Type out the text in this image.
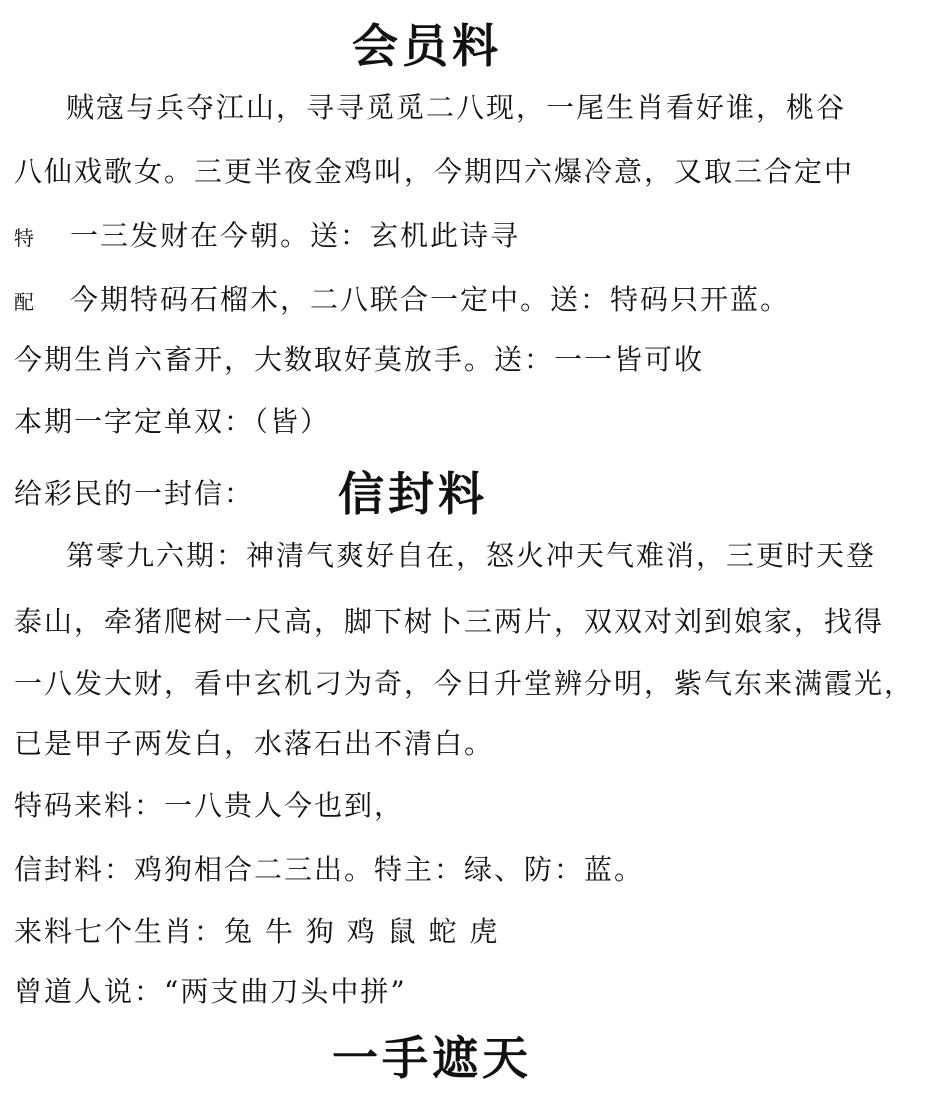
会员料
贼寇与兵夺江山，寻寻觅觅二八现，一尾生肖看好谁，桃谷
八仙戏歌女。三更半夜金鸡叫，今期四六爆冷意，又取三合定中
特 一三发财在今朝。送：玄机此诗寻
配 今期特码石榴木，二八联合一定中。送：特码只开蓝。
今期生肖六畜开，大数取好莫放手。送：一一皆可收
本期一字定单双：（皆）
给彩民的一封信： 信封料
第零九六期：神清气爽好自在，怒火冲天气难消，三更时天登
泰山，牵猪爬树一尺高，脚下树卜三两片，双双对刘到娘家，找得
一八发大财，看中玄机刁为奇，今日升堂辨分明，紫气东来满霞光，
已是甲子两发白，水落石出不清白。
特码来料：一八贵人今也到，
信封料：鸡狗相合二三出。特主：绿、防：蓝。
来料七个生肖：兔 牛 狗 鸡 鼠 蛇 虎
曾道人说：“两支曲刀头中拼”
一手遮天
